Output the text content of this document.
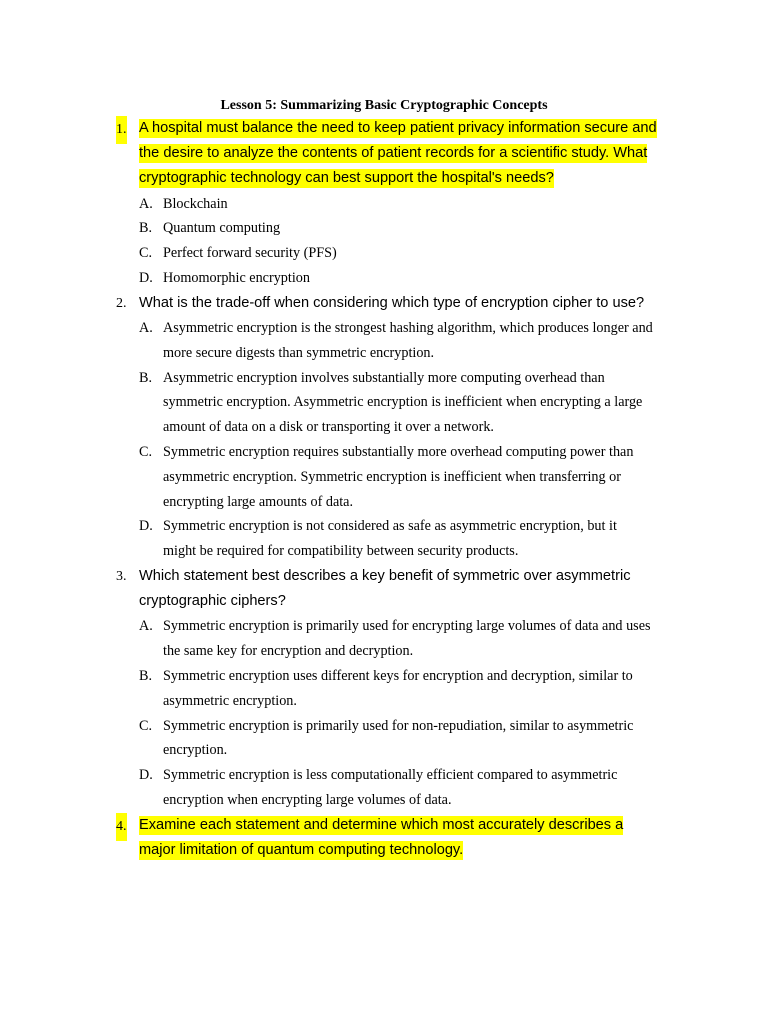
Lesson 5: Summarizing Basic Cryptographic Concepts
1. A hospital must balance the need to keep patient privacy information secure and the desire to analyze the contents of patient records for a scientific study. What cryptographic technology can best support the hospital's needs?
A. Blockchain
B. Quantum computing
C. Perfect forward security (PFS)
D. Homomorphic encryption
2. What is the trade-off when considering which type of encryption cipher to use?
A. Asymmetric encryption is the strongest hashing algorithm, which produces longer and more secure digests than symmetric encryption.
B. Asymmetric encryption involves substantially more computing overhead than symmetric encryption. Asymmetric encryption is inefficient when encrypting a large amount of data on a disk or transporting it over a network.
C. Symmetric encryption requires substantially more overhead computing power than asymmetric encryption. Symmetric encryption is inefficient when transferring or encrypting large amounts of data.
D. Symmetric encryption is not considered as safe as asymmetric encryption, but it might be required for compatibility between security products.
3. Which statement best describes a key benefit of symmetric over asymmetric cryptographic ciphers?
A. Symmetric encryption is primarily used for encrypting large volumes of data and uses the same key for encryption and decryption.
B. Symmetric encryption uses different keys for encryption and decryption, similar to asymmetric encryption.
C. Symmetric encryption is primarily used for non-repudiation, similar to asymmetric encryption.
D. Symmetric encryption is less computationally efficient compared to asymmetric encryption when encrypting large volumes of data.
4. Examine each statement and determine which most accurately describes a major limitation of quantum computing technology.
